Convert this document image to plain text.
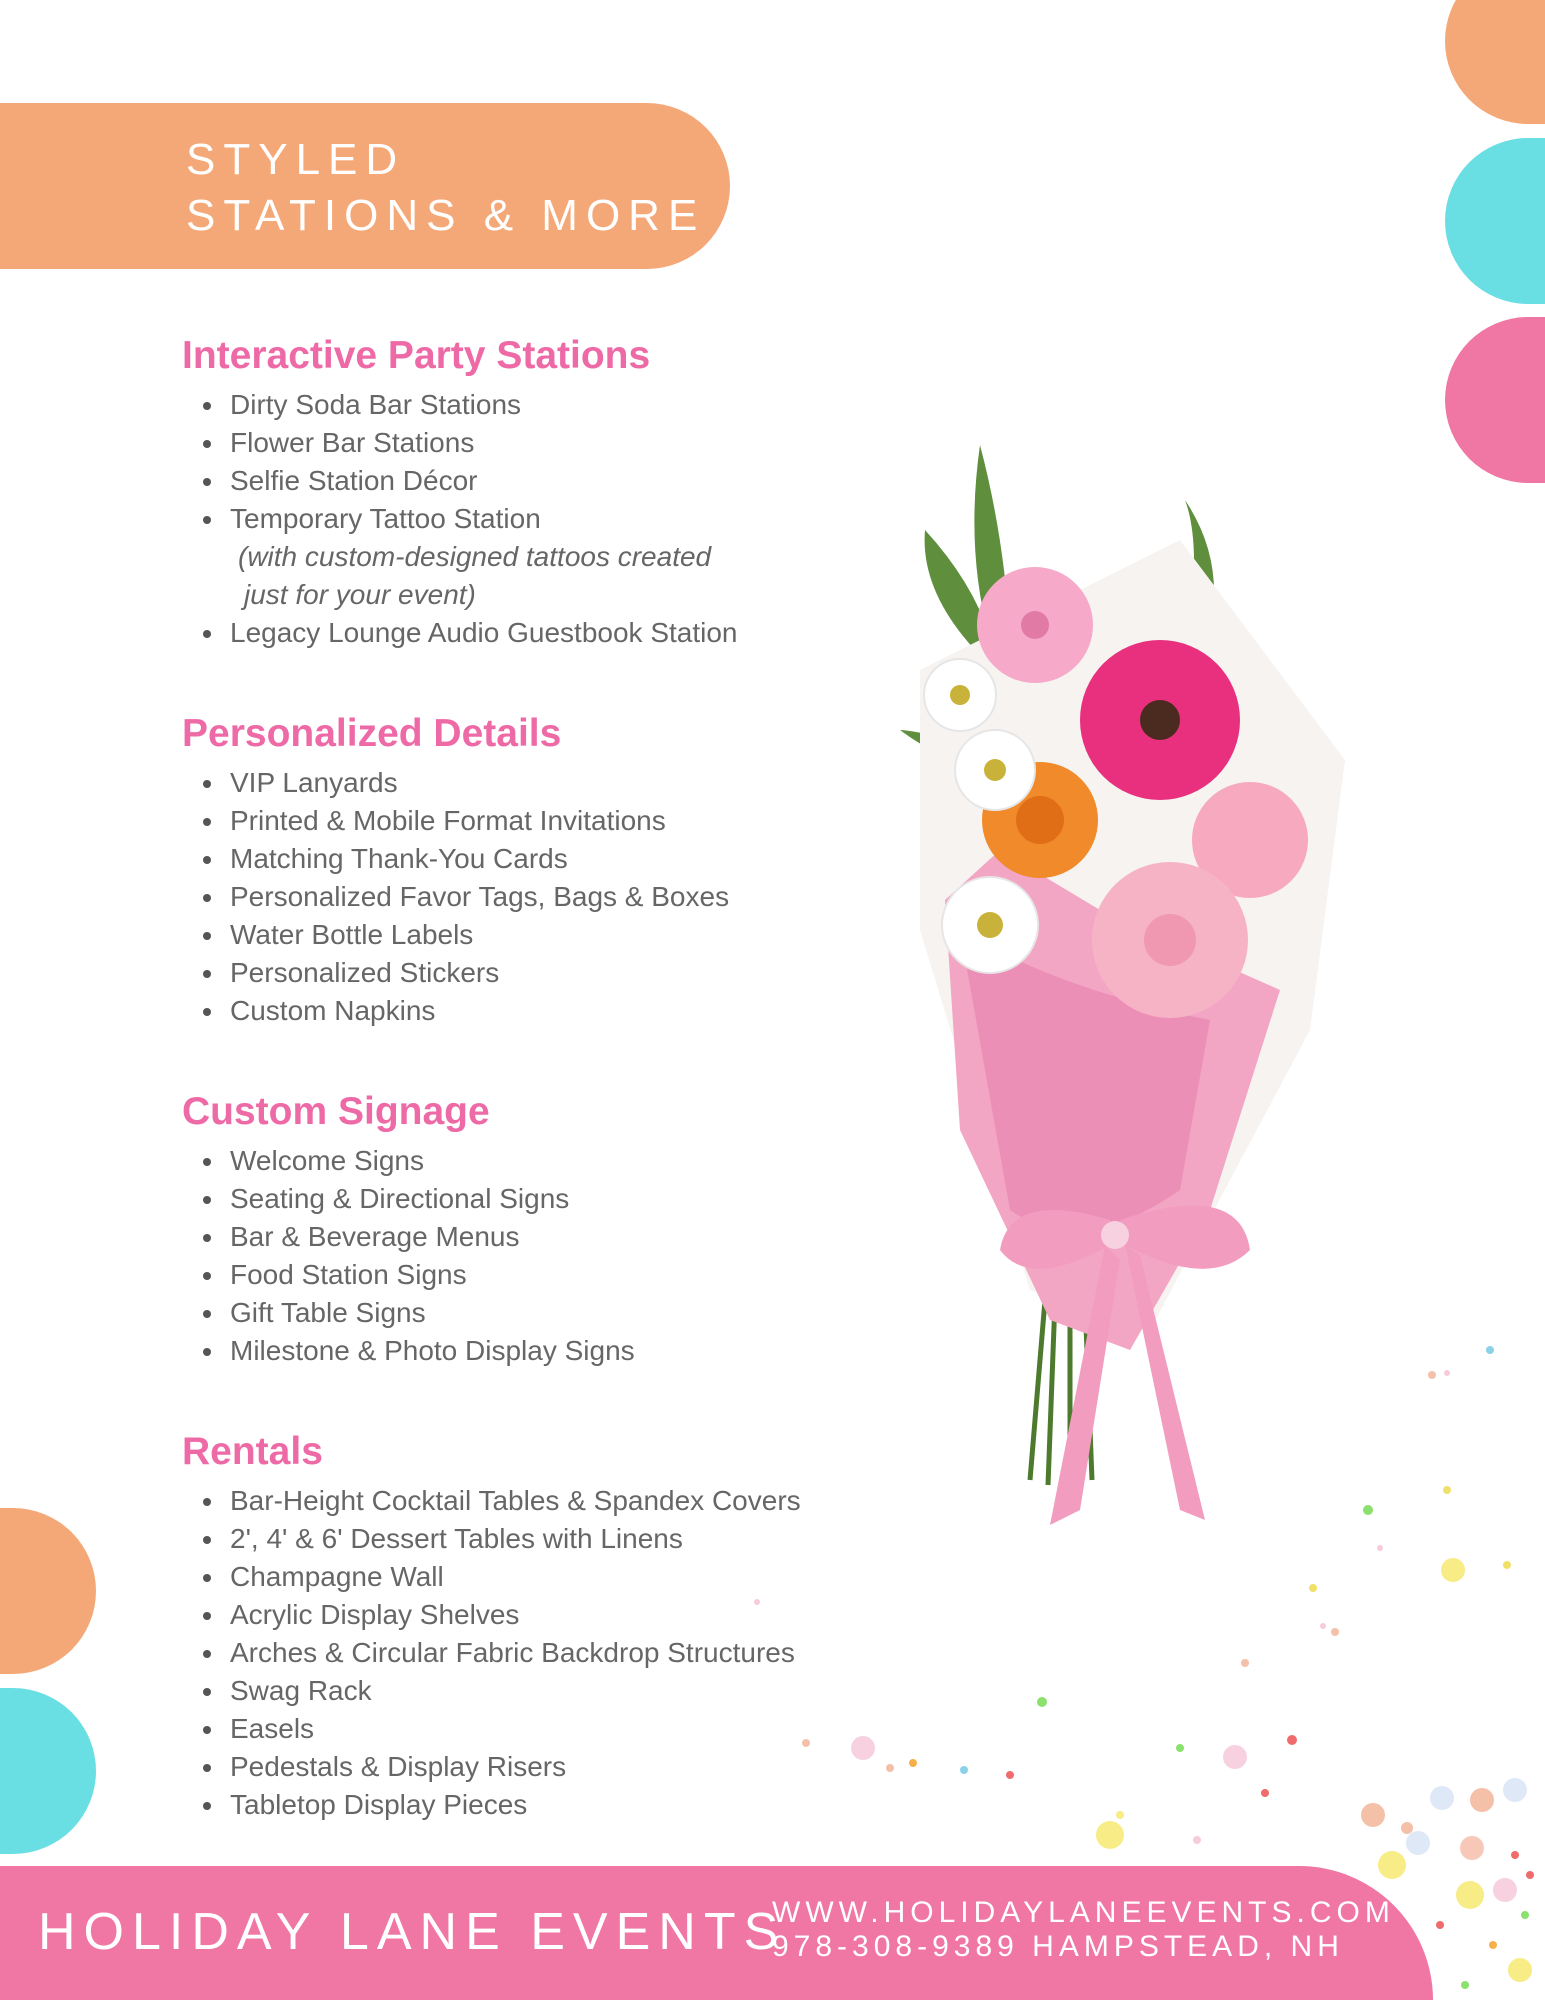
STYLED
STATIONS & MORE
Interactive Party Stations
Dirty Soda Bar Stations
Flower Bar Stations
Selfie Station Décor
Temporary Tattoo Station
(with custom-designed tattoos created
just for your event)
Legacy Lounge Audio Guestbook Station
Personalized Details
VIP Lanyards
Printed & Mobile Format Invitations
Matching Thank-You Cards
Personalized Favor Tags, Bags & Boxes
Water Bottle Labels
Personalized Stickers
Custom Napkins
Custom Signage
Welcome Signs
Seating & Directional Signs
Bar & Beverage Menus
Food Station Signs
Gift Table Signs
Milestone & Photo Display Signs
Rentals
Bar-Height Cocktail Tables & Spandex Covers
2', 4' & 6' Dessert Tables with Linens
Champagne Wall
Acrylic Display Shelves
Arches & Circular Fabric Backdrop Structures
Swag Rack
Easels
Pedestals & Display Risers
Tabletop Display Pieces
HOLIDAY LANE EVENTS
WWW.HOLIDAYLANEEVENTS.COM
978-308-9389 HAMPSTEAD, NH
